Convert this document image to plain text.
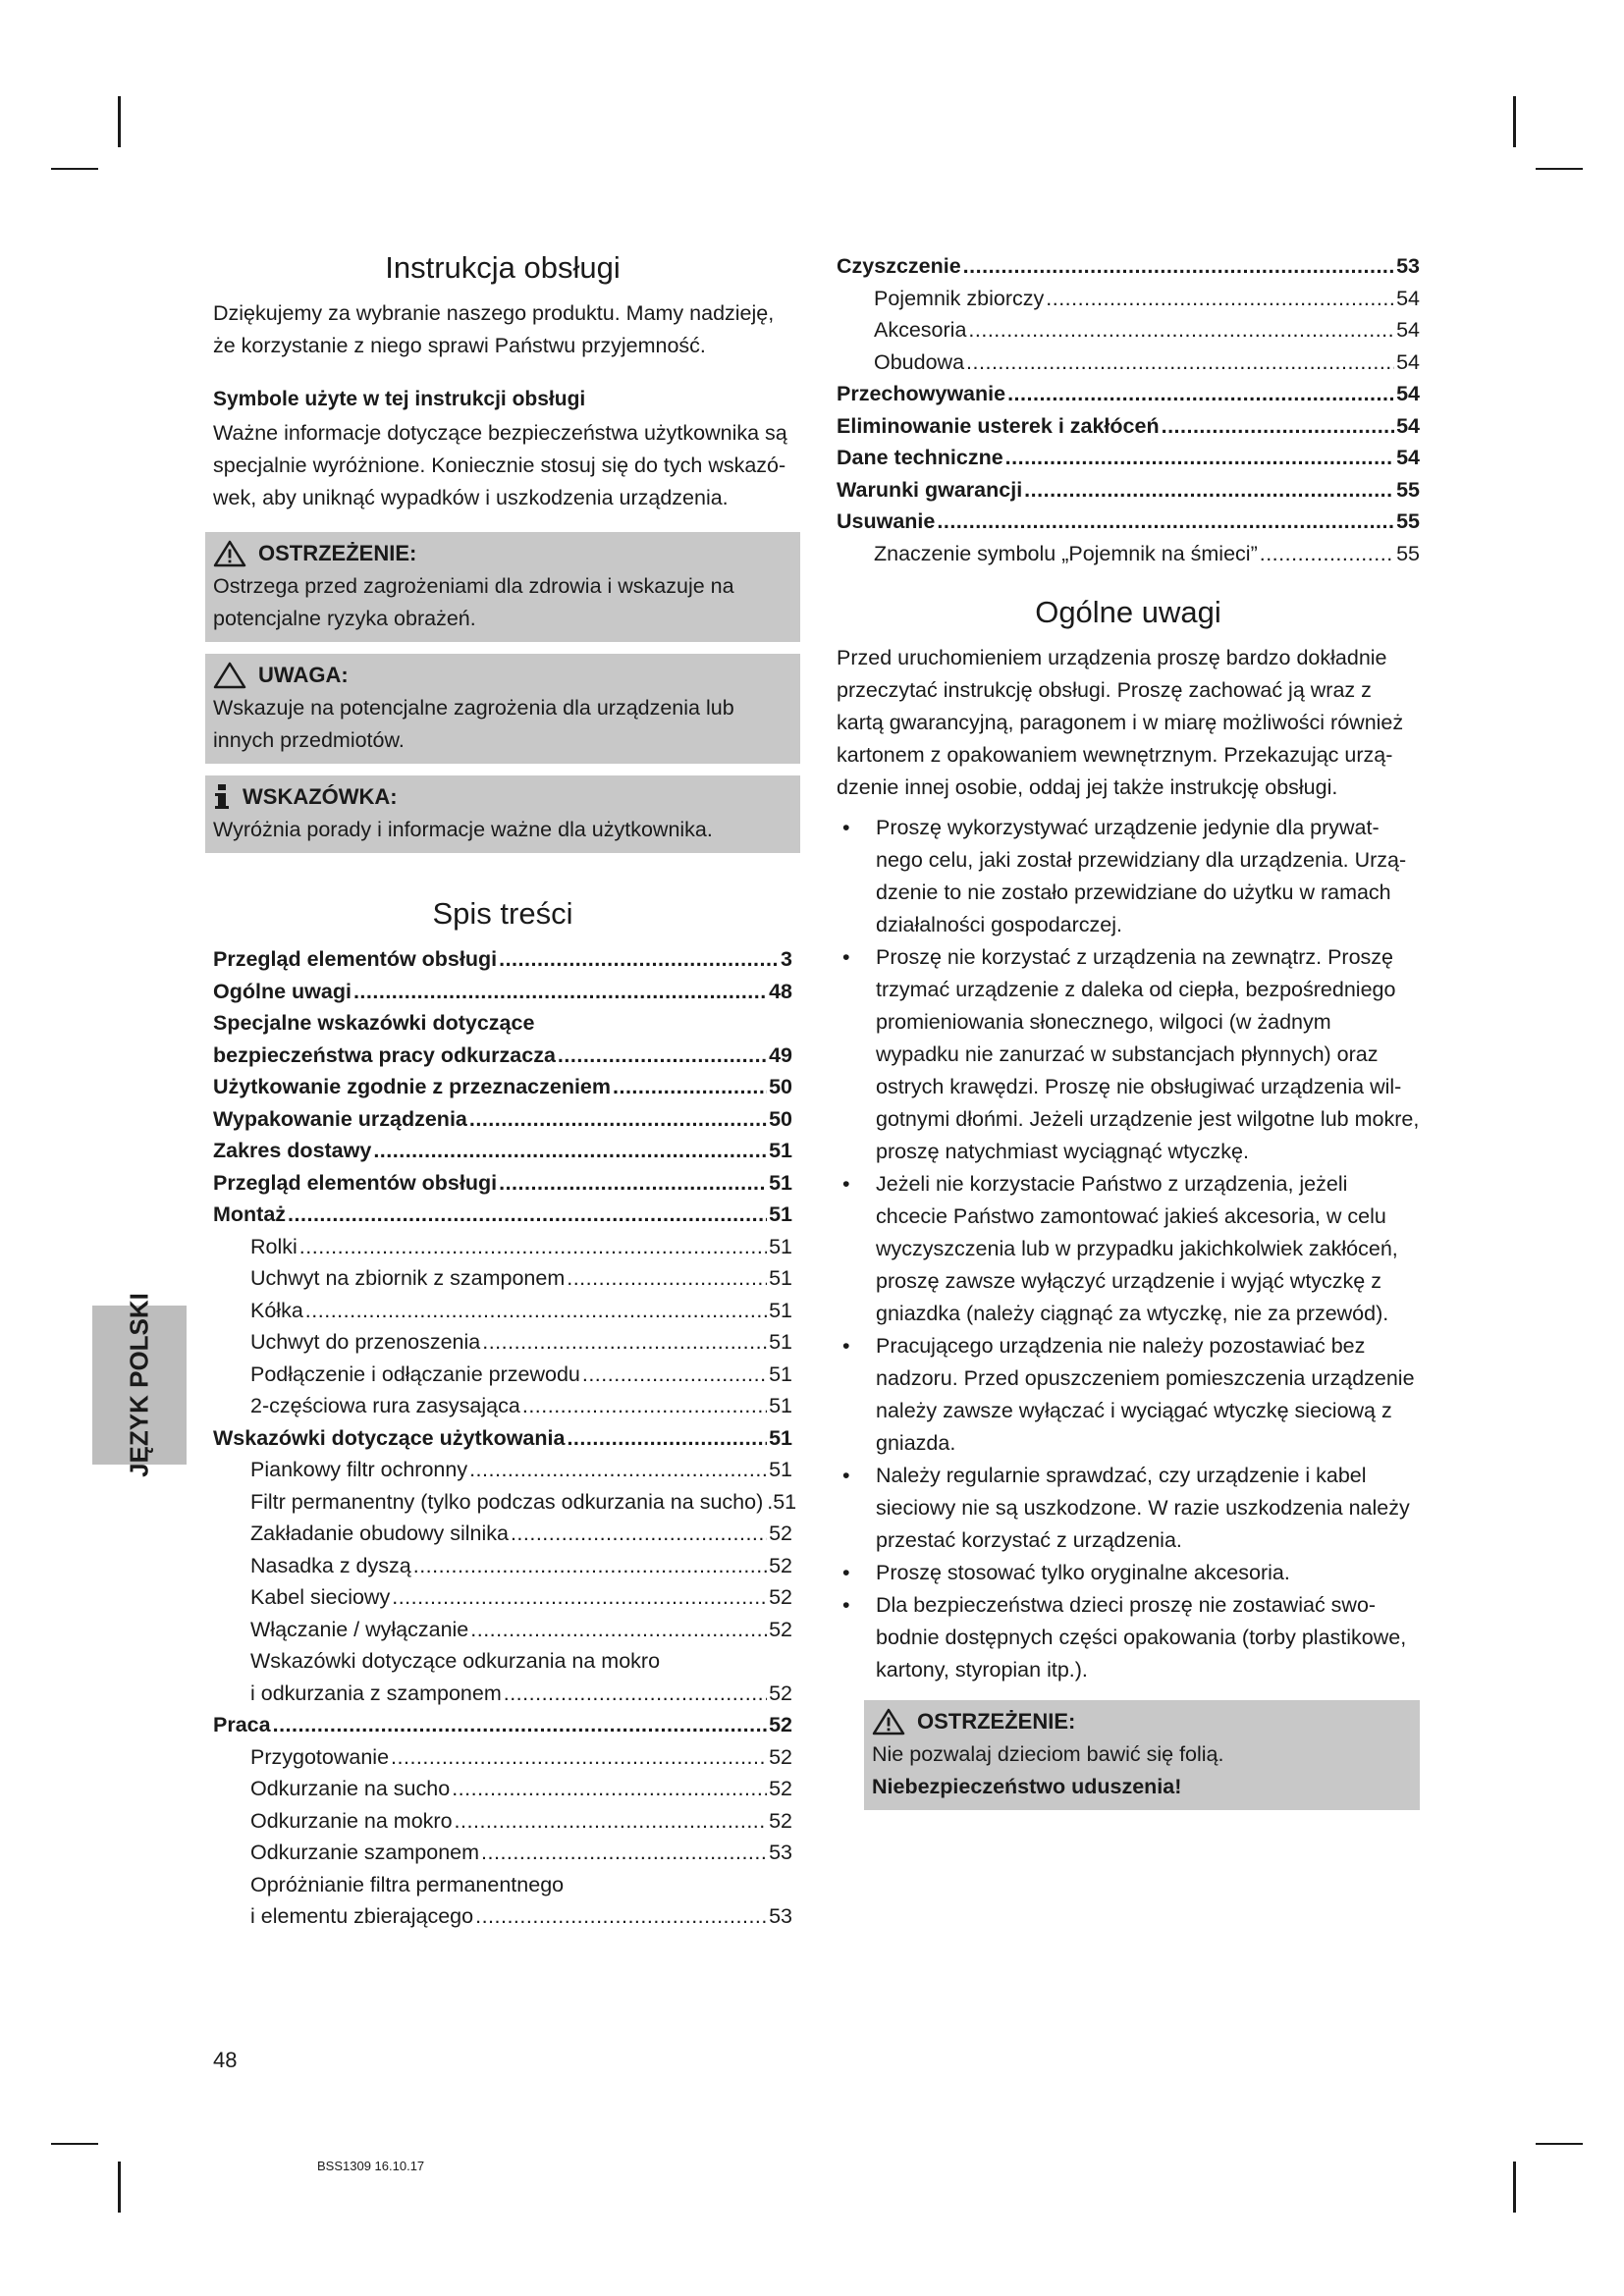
Instrukcja obsługi

Dziękujemy za wybranie naszego produktu. Mamy nadzieję,
że korzystanie z niego sprawi Państwu przyjemność.

Symbole użyte w tej instrukcji obsługi

Ważne informacje dotyczące bezpieczeństwa użytkownika są
specjalnie wyróżnione. Koniecznie stosuj się do tych wskazó-
wek, aby uniknąć wypadków i uszkodzenia urządzenia.

OSTRZEŻENIE:
Ostrzega przed zagrożeniami dla zdrowia i wskazuje na
potencjalne ryzyka obrażeń.
UWAGA:
Wskazuje na potencjalne zagrożenia dla urządzenia lub
innych przedmiotów.
WSKAZÓWKA:
Wyróżnia porady i informacje ważne dla użytkownika.
Spis treści
Przegląd elementów obsługi .....	3
Ogólne uwagi .....	48
Specjalne wskazówki dotyczące
bezpieczeństwa pracy odkurzacza .....	49
Użytkowanie zgodnie z przeznaczeniem .....	50
Wypakowanie urządzenia .....	50
Zakres dostawy .....	51
Przegląd elementów obsługi .....	51
Montaż .....	51
Rolki .....	51
Uchwyt na zbiornik z szamponem .....	51
Kółka .....	51
Uchwyt do przenoszenia .....	51
Podłączenie i odłączanie przewodu .....	51
2-częściowa rura zasysająca .....	51
Wskazówki dotyczące użytkowania .....	51
Piankowy filtr ochronny .....	51
Filtr permanentny (tylko podczas odkurzania na sucho) .51
Zakładanie obudowy silnika .....	52
Nasadka z dyszą .....	52
Kabel sieciowy .....	52
Włączanie / wyłączanie .....	52
Wskazówki dotyczące odkurzania na mokro
i odkurzania z szamponem .....	52
Praca .....	52
Przygotowanie .....	52
Odkurzanie na sucho .....	52
Odkurzanie na mokro .....	52
Odkurzanie szamponem .....	53
Opróżnianie filtra permanentnego
i elementu zbierającego .....	53
Czyszczenie .....	53
Pojemnik zbiorczy .....	54
Akcesoria .....	54
Obudowa .....	54
Przechowywanie .....	54
Eliminowanie usterek i zakłóceń .....	54
Dane techniczne .....	54
Warunki gwarancji .....	55
Usuwanie .....	55
Znaczenie symbolu „Pojemnik na śmieci” .....	55
Ogólne uwagi

Przed uruchomieniem urządzenia proszę bardzo dokładnie
przeczytać instrukcję obsługi. Proszę zachować ją wraz z
kartą gwarancyjną, paragonem i w miarę możliwości również
kartonem z opakowaniem wewnętrznym. Przekazując urzą-
dzenie innej osobie, oddaj jej także instrukcję obsługi.

• Proszę wykorzystywać urządzenie jedynie dla prywat-
nego celu, jaki został przewidziany dla urządzenia. Urzą-
dzenie to nie zostało przewidziane do użytku w ramach
działalności gospodarczej.
• Proszę nie korzystać z urządzenia na zewnątrz. Proszę
trzymać urządzenie z daleka od ciepła, bezpośredniego
promieniowania słonecznego, wilgoci (w żadnym
wypadku nie zanurzać w substancjach płynnych) oraz
ostrych krawędzi. Proszę nie obsługiwać urządzenia wil-
gotnymi dłońmi. Jeżeli urządzenie jest wilgotne lub mokre,
proszę natychmiast wyciągnąć wtyczkę.
• Jeżeli nie korzystacie Państwo z urządzenia, jeżeli
chcecie Państwo zamontować jakieś akcesoria, w celu
wyczyszczenia lub w przypadku jakichkolwiek zakłóceń,
proszę zawsze wyłączyć urządzenie i wyjąć wtyczkę z
gniazdka (należy ciągnąć za wtyczkę, nie za przewód).
• Pracującego urządzenia nie należy pozostawiać bez
nadzoru. Przed opuszczeniem pomieszczenia urządzenie
należy zawsze wyłączać i wyciągać wtyczkę sieciową z
gniazda.
• Należy regularnie sprawdzać, czy urządzenie i kabel
sieciowy nie są uszkodzone. W razie uszkodzenia należy
przestać korzystać z urządzenia.
• Proszę stosować tylko oryginalne akcesoria.
• Dla bezpieczeństwa dzieci proszę nie zostawiać swo-
bodnie dostępnych części opakowania (torby plastikowe,
kartony, styropian itp.).
OSTRZEŻENIE:
Nie pozwalaj dzieciom bawić się folią.
Niebezpieczeństwo uduszenia!
JĘZYK POLSKI
48
BSS1309 16.10.17
